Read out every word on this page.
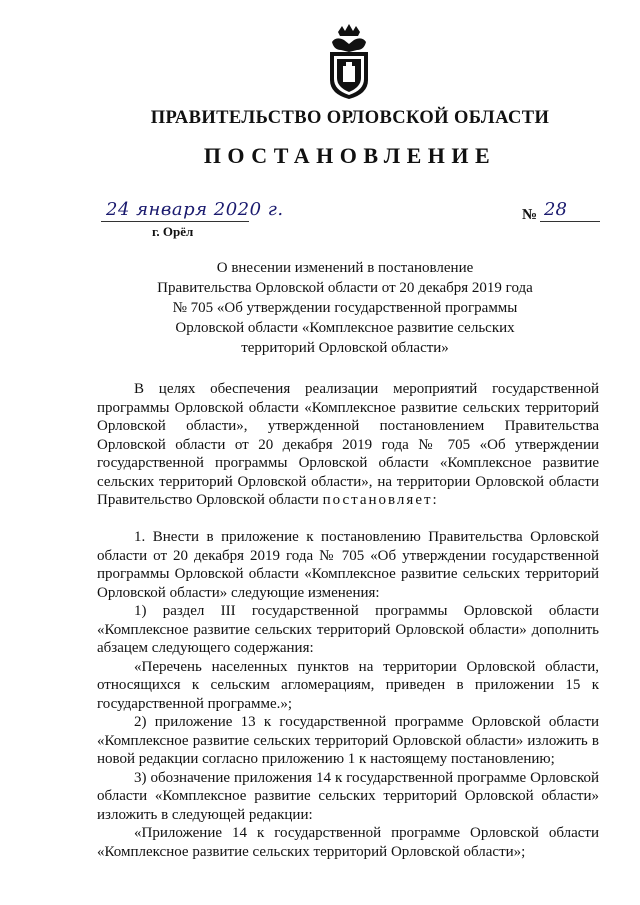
ПРАВИТЕЛЬСТВО ОРЛОВСКОЙ ОБЛАСТИ
ПОСТАНОВЛЕНИЕ
24 января 2020 г.
г. Орёл
№ 28
О внесении изменений в постановление
Правительства Орловской области от 20 декабря 2019 года
№ 705 «Об утверждении государственной программы
Орловской области «Комплексное развитие сельских
территорий Орловской области»

В целях обеспечения реализации мероприятий государственной программы Орловской области «Комплексное развитие сельских территорий Орловской области», утвержденной постановлением Правительства Орловской области от 20 декабря 2019 года № 705 «Об утверждении государственной программы Орловской области «Комплексное развитие сельских территорий Орловской области», на территории Орловской области Правительство Орловской области постановляет:

1. Внести в приложение к постановлению Правительства Орловской области от 20 декабря 2019 года № 705 «Об утверждении государственной программы Орловской области «Комплексное развитие сельских территорий Орловской области» следующие изменения:

1) раздел III государственной программы Орловской области «Комплексное развитие сельских территорий Орловской области» дополнить абзацем следующего содержания:

«Перечень населенных пунктов на территории Орловской области, относящихся к сельским агломерациям, приведен в приложении 15 к государственной программе.»;

2) приложение 13 к государственной программе Орловской области «Комплексное развитие сельских территорий Орловской области» изложить в новой редакции согласно приложению 1 к настоящему постановлению;

3) обозначение приложения 14 к государственной программе Орловской области «Комплексное развитие сельских территорий Орловской области» изложить в следующей редакции:

«Приложение 14 к государственной программе Орловской области «Комплексное развитие сельских территорий Орловской области»;
